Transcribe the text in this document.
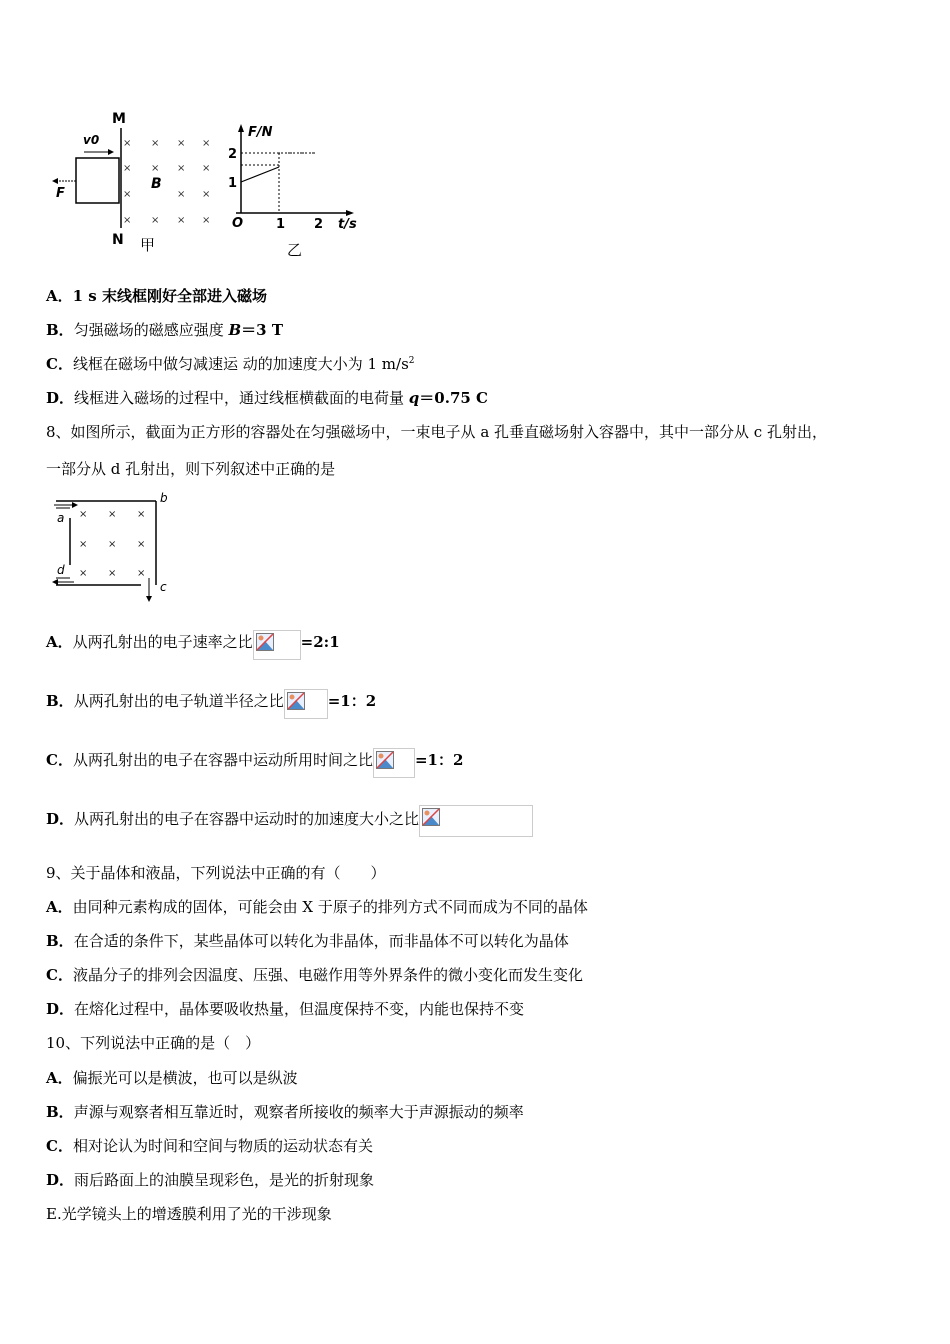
M
N
v0
F
× × × ×
× × × ×
×	× ×
× × × ×
B
甲
F/N
t/s
O
2
1
1 2
乙
A．1 s 末线框刚好全部进入磁场
B．匀强磁场的磁感应强度 B＝3 T
C．线框在磁场中做匀减速运 动的加速度大小为 1 $m/s^2$
D．线框进入磁场的过程中，通过线框横截面的电荷量 q＝0.75 C
8、如图所示，截面为正方形的容器处在匀强磁场中，一束电子从 a 孔垂直磁场射入容器中，其中一部分从 c 孔射出，
一部分从 d 孔射出，则下列叙述中正确的是
a
b
c
d
× × ×
× × ×
× × ×
A．从两孔射出的电子速率之比	=2:1
B．从两孔射出的电子轨道半径之比	=1：2
C．从两孔射出的电子在容器中运动所用时间之比	=1：2
D．从两孔射出的电子在容器中运动时的加速度大小之比
9、关于晶体和液晶，下列说法中正确的有（　　）
A．由同种元素构成的固体，可能会由 X 于原子的排列方式不同而成为不同的晶体
B．在合适的条件下，某些晶体可以转化为非晶体，而非晶体不可以转化为晶体
C．液晶分子的排列会因温度、压强、电磁作用等外界条件的微小变化而发生变化
D．在熔化过程中，晶体要吸收热量，但温度保持不变，内能也保持不变
10、下列说法中正确的是（　）
A．偏振光可以是横波，也可以是纵波
B．声源与观察者相互靠近时，观察者所接收的频率大于声源振动的频率
C．相对论认为时间和空间与物质的运动状态有关
D．雨后路面上的油膜呈现彩色，是光的折射现象
E.光学镜头上的增透膜利用了光的干涉现象
